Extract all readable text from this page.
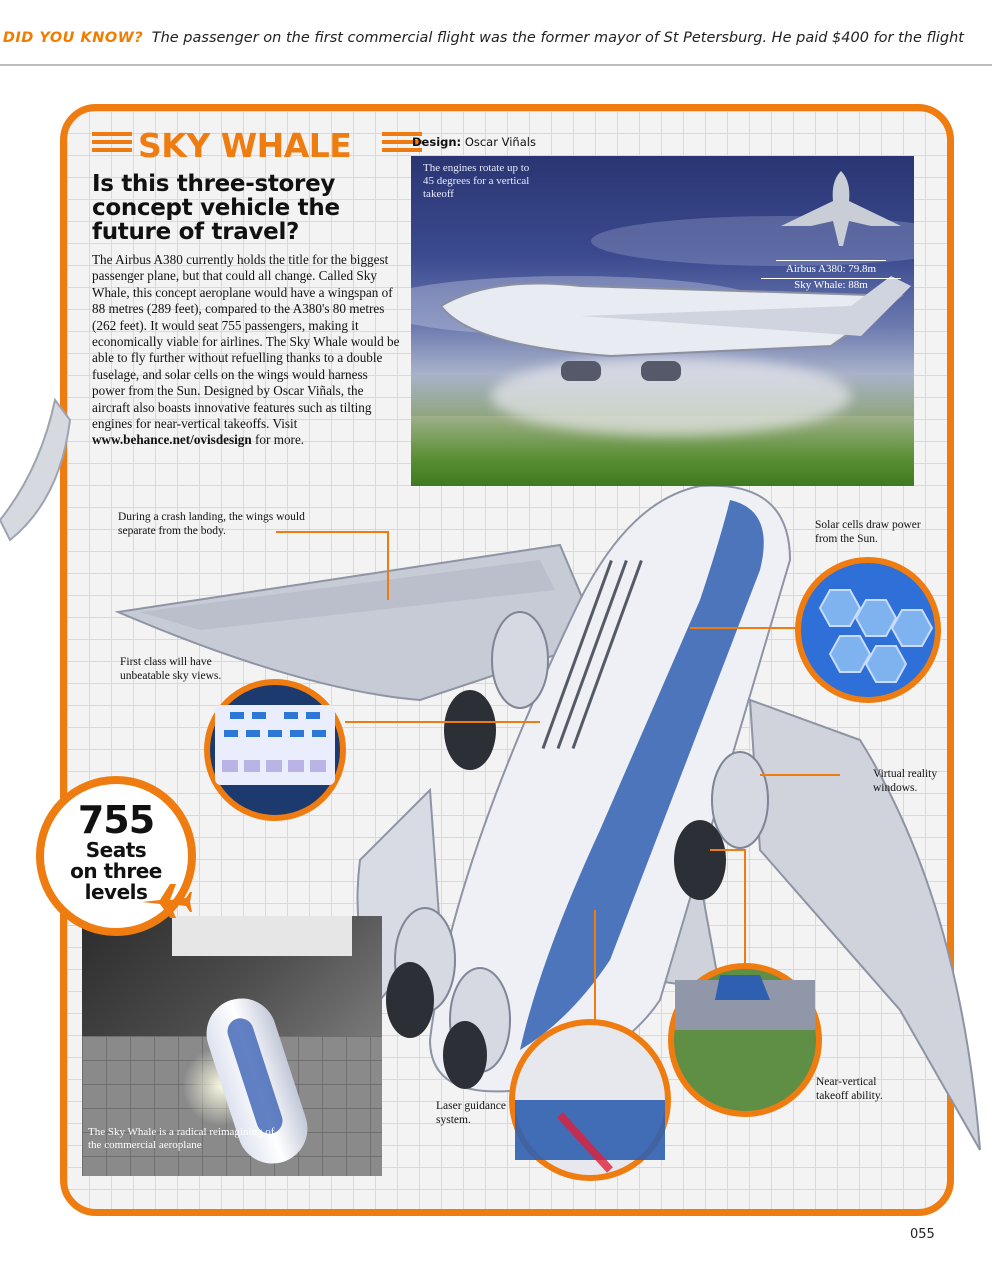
DID YOU KNOW? The passenger on the first commercial flight was the former mayor of St Petersburg. He paid $400 for the flight
SKY WHALE
Is this three-storey concept vehicle the future of travel?
The Airbus A380 currently holds the title for the biggest passenger plane, but that could all change. Called Sky Whale, this concept aeroplane would have a wingspan of 88 metres (289 feet), compared to the A380's 80 metres (262 feet). It would seat 755 passengers, making it economically viable for airlines. The Sky Whale would be able to fly further without refuelling thanks to a double fuselage, and solar cells on the wings would harness power from the Sun. Designed by Oscar Viñals, the aircraft also boasts innovative features such as tilting engines for near-vertical takeoffs. Visit www.behance.net/ovisdesign for more.
Design: Oscar Viñals
The engines rotate up to 45 degrees for a vertical takeoff
Airbus A380: 79.8m
Sky Whale: 88m
During a crash landing, the wings would separate from the body.
First class will have unbeatable sky views.
Solar cells draw power from the Sun.
Virtual reality windows.
Laser guidance system.
Near-vertical takeoff ability.
The Sky Whale is a radical reimagining of the commercial aeroplane
755
Seats
on three
levels
055
